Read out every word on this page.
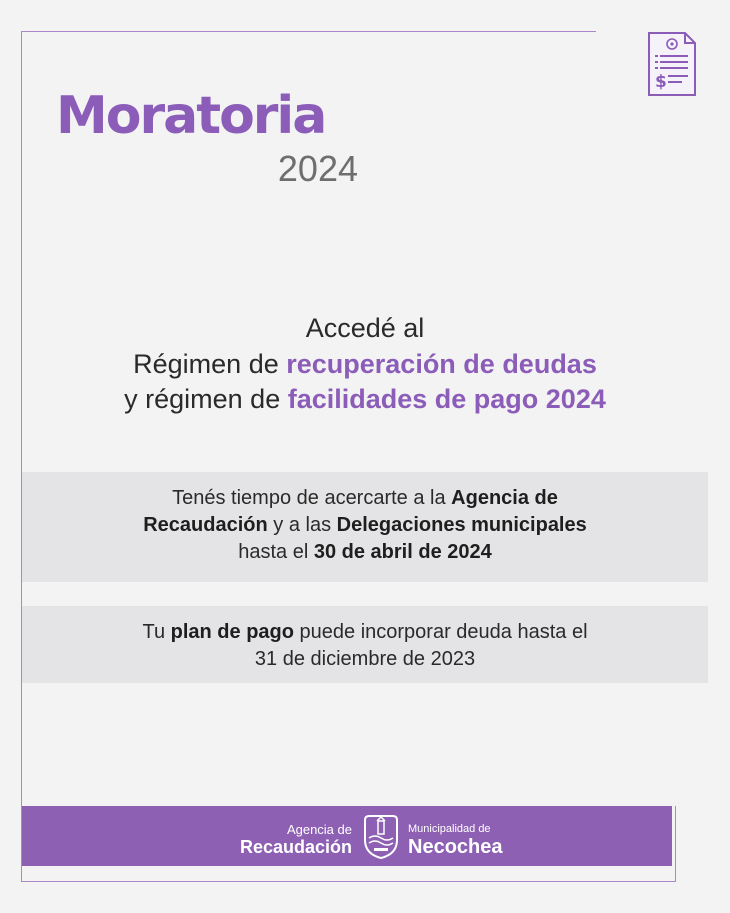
$
Moratoria
2024
Accedé al
Régimen de recuperación de deudas
y régimen de facilidades de pago 2024
Tenés tiempo de acercarte a la Agencia de
Recaudación y a las Delegaciones municipales
hasta el 30 de abril de 2024
Tu plan de pago puede incorporar deuda hasta el
31 de diciembre de 2023
Agencia de
Recaudación
Municipalidad de
Necochea
